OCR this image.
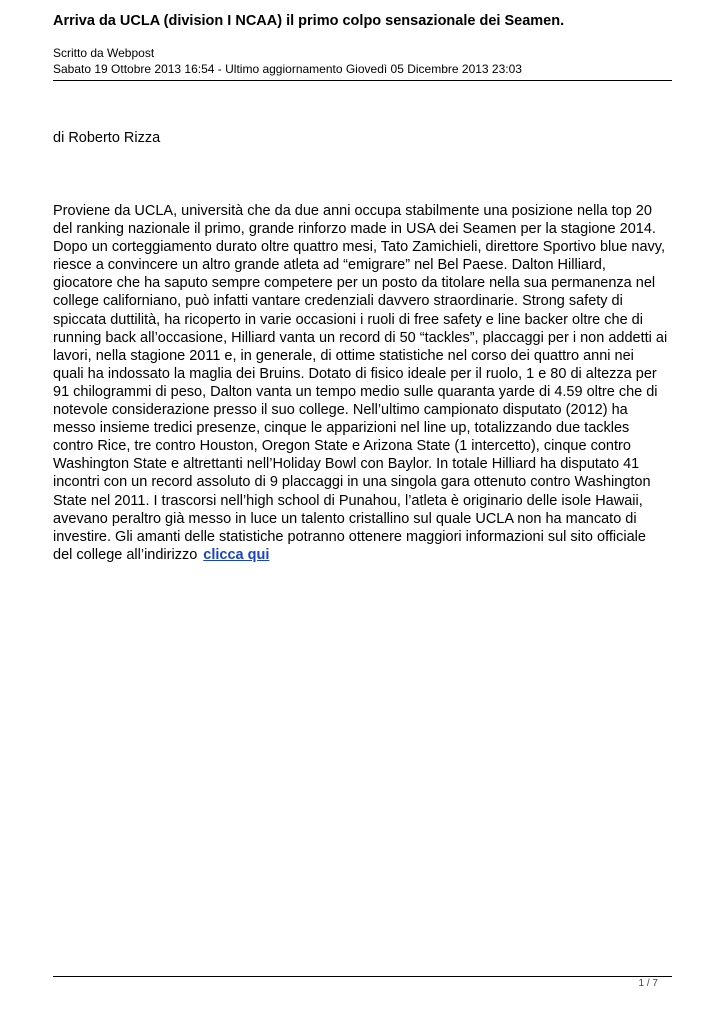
Arriva da UCLA (division I NCAA) il primo colpo sensazionale dei Seamen.
Scritto da Webpost
Sabato 19 Ottobre 2013 16:54 - Ultimo aggiornamento Giovedì 05 Dicembre 2013 23:03
di Roberto Rizza
Proviene da UCLA, università che da due anni occupa stabilmente una posizione nella top 20
del ranking nazionale il primo, grande rinforzo made in USA dei Seamen per la stagione 2014.
Dopo un corteggiamento durato oltre quattro mesi, Tato Zamichieli, direttore Sportivo blue navy,
riesce a convincere un altro grande atleta ad “emigrare” nel Bel Paese. Dalton Hilliard,
giocatore che ha saputo sempre competere per un posto da titolare nella sua permanenza nel
college californiano, può infatti vantare credenziali davvero straordinarie. Strong safety di
spiccata duttilità, ha ricoperto in varie occasioni i ruoli di free safety e line backer oltre che di
running back all’occasione, Hilliard vanta un record di 50 “tackles”, placcaggi per i non addetti ai
lavori, nella stagione 2011 e, in generale, di ottime statistiche nel corso dei quattro anni nei
quali ha indossato la maglia dei Bruins. Dotato di fisico ideale per il ruolo, 1 e 80 di altezza per
91 chilogrammi di peso, Dalton vanta un tempo medio sulle quaranta yarde di 4.59 oltre che di
notevole considerazione presso il suo college. Nell’ultimo campionato disputato (2012) ha
messo insieme tredici presenze, cinque le apparizioni nel line up, totalizzando due tackles
contro Rice, tre contro Houston, Oregon State e Arizona State (1 intercetto), cinque contro
Washington State e altrettanti nell’Holiday Bowl con Baylor. In totale Hilliard ha disputato 41
incontri con un record assoluto di 9 placcaggi in una singola gara ottenuto contro Washington
State nel 2011. I trascorsi nell’high school di Punahou, l’atleta è originario delle isole Hawaii,
avevano peraltro già messo in luce un talento cristallino sul quale UCLA non ha mancato di
investire. Gli amanti delle statistiche potranno ottenere maggiori informazioni sul sito officiale
del college all’indirizzo clicca qui
1 / 7
